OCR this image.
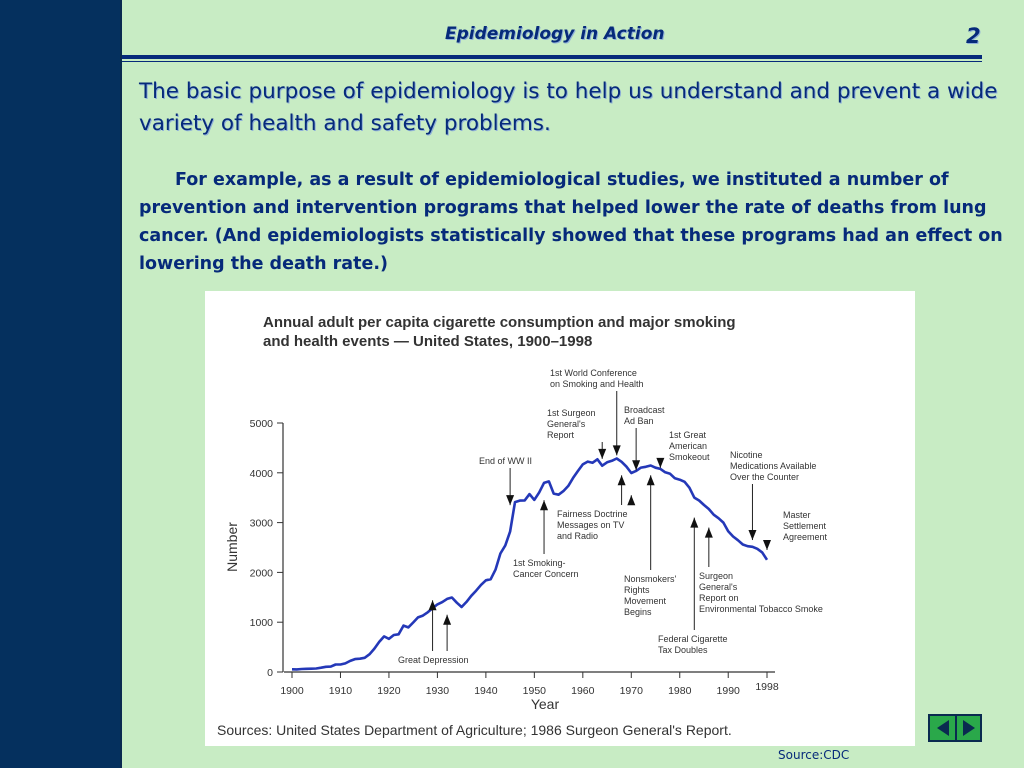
Epidemiology in Action	2
The basic purpose of epidemiology is to help us understand and prevent a wide variety of health and safety problems.
For example, as a result of epidemiological studies, we instituted a number of prevention and intervention programs that helped lower the rate of deaths from lung cancer. (And epidemiologists statistically showed that these programs had an effect on lowering the death rate.)
Annual adult per capita cigarette consumption and major smoking
and health events — United States, 1900–1998
1900 1910 1920 1930 1940 1950 1960 1970 1980 1990 1998
0
1000
2000
3000
4000
5000
Year
Number
Great Depression
End of WW II
1st Smoking-Cancer Concern
1st World Conference on Smoking and Health
1st Surgeon General's Report
Fairness Doctrine Messages on TV and Radio
Broadcast Ad Ban
Nonsmokers' Rights Movement Begins
1st Great American Smokeout
Federal Cigarette Tax Doubles
Surgeon General's Report on Environmental Tobacco Smoke
Nicotine Medications Available Over the Counter
Master Settlement Agreement
Sources: United States Department of Agriculture; 1986 Surgeon General's Report.
Source:CDC
